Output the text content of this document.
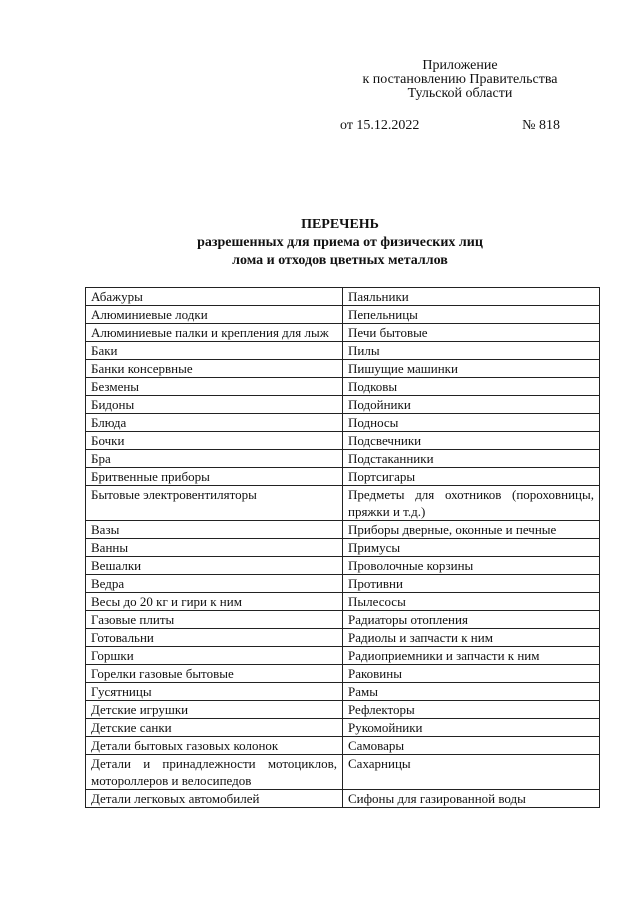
Приложение
к постановлению Правительства
Тульской области
от 15.12.2022	№ 818
ПЕРЕЧЕНЬ
разрешенных для приема от физических лиц
лома и отходов цветных металлов
Абажуры	Паяльники
Алюминиевые лодки	Пепельницы
Алюминиевые палки и крепления для лыж	Печи бытовые
Баки	Пилы
Банки консервные	Пишущие машинки
Безмены	Подковы
Бидоны	Подойники
Блюда	Подносы
Бочки	Подсвечники
Бра	Подстаканники
Бритвенные приборы	Портсигары
Бытовые электровентиляторы	Предметы для охотников (пороховницы, пряжки и т.д.)
Вазы	Приборы дверные, оконные и печные
Ванны	Примусы
Вешалки	Проволочные корзины
Ведра	Противни
Весы до 20 кг и гири к ним	Пылесосы
Газовые плиты	Радиаторы отопления
Готовальни	Радиолы и запчасти к ним
Горшки	Радиоприемники и запчасти к ним
Горелки газовые бытовые	Раковины
Гусятницы	Рамы
Детские игрушки	Рефлекторы
Детские санки	Рукомойники
Детали бытовых газовых колонок	Самовары
Детали и принадлежности мотоциклов, мотороллеров и велосипедов	Сахарницы
Детали легковых автомобилей	Сифоны для газированной воды
